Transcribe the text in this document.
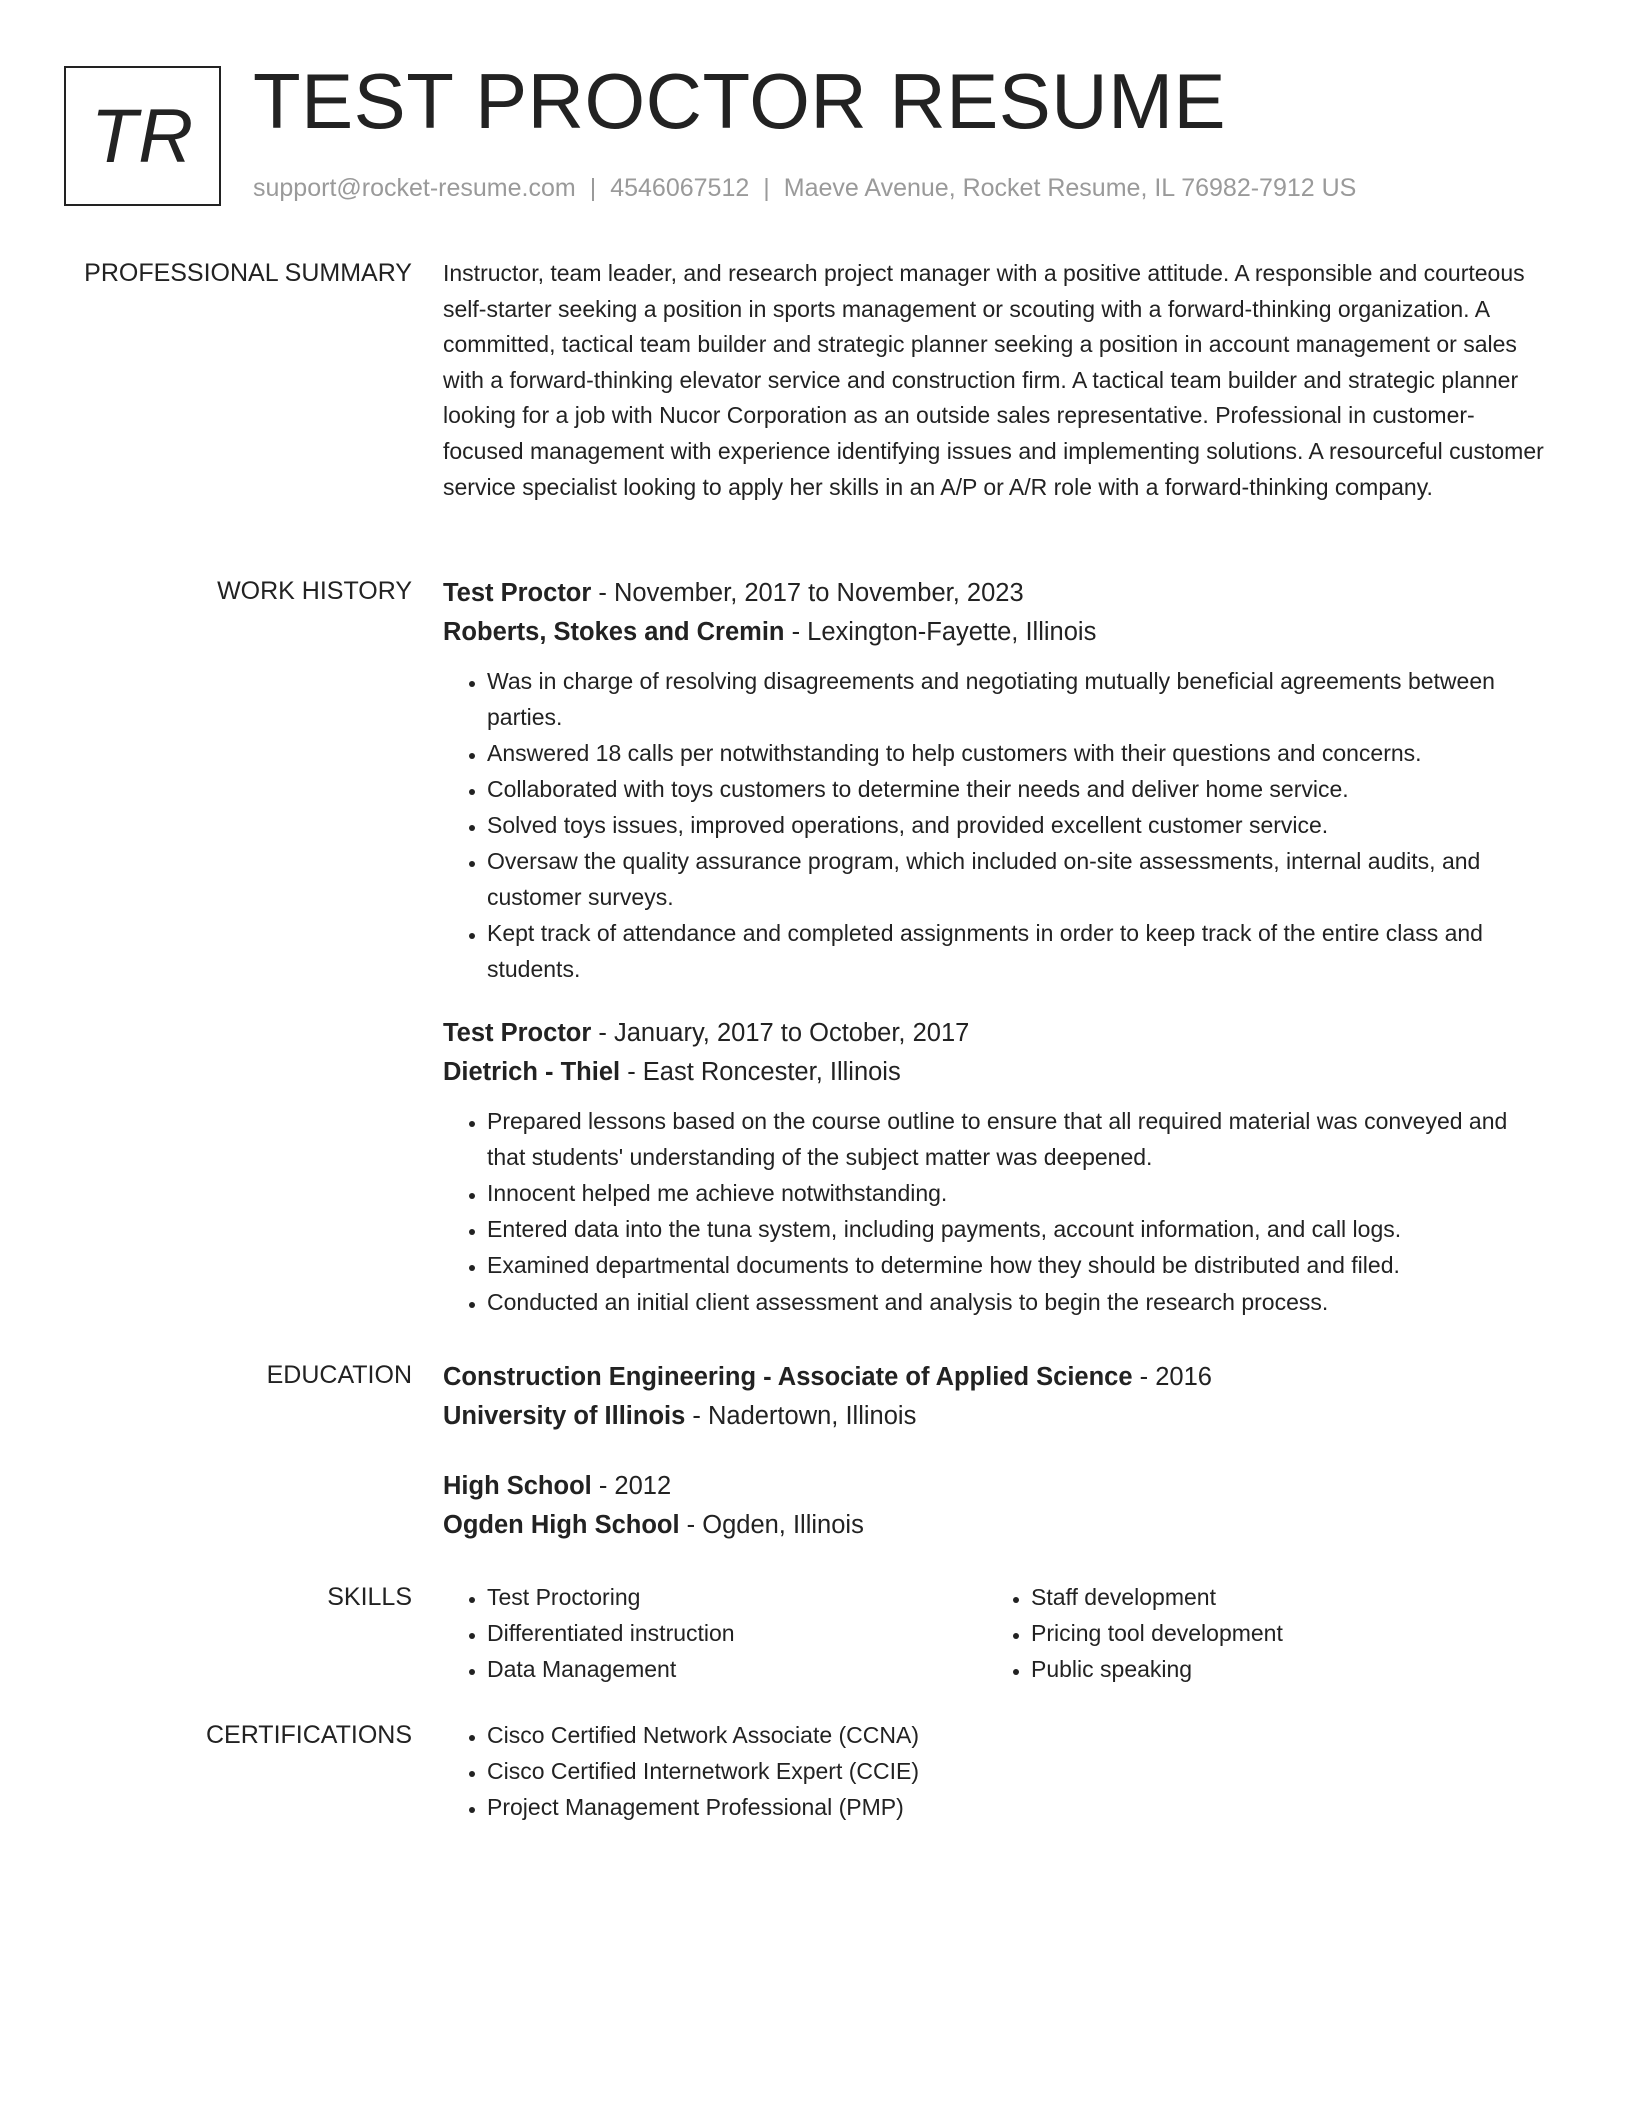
TR TEST PROCTOR RESUME
support@rocket-resume.com | 4546067512 | Maeve Avenue, Rocket Resume, IL 76982-7912 US
PROFESSIONAL SUMMARY Instructor, team leader, and research project manager with a positive attitude. A responsible and courteous self-starter seeking a position in sports management or scouting with a forward-thinking organization. A committed, tactical team builder and strategic planner seeking a position in account management or sales with a forward-thinking elevator service and construction firm. A tactical team builder and strategic planner looking for a job with Nucor Corporation as an outside sales representative. Professional in customer-focused management with experience identifying issues and implementing solutions. A resourceful customer service specialist looking to apply her skills in an A/P or A/R role with a forward-thinking company.

WORK HISTORY Test Proctor - November, 2017 to November, 2023

Roberts, Stokes and Cremin - Lexington-Fayette, Illinois

• Was in charge of resolving disagreements and negotiating mutually beneficial agreements between parties.
• Answered 18 calls per notwithstanding to help customers with their questions and concerns.
• Collaborated with toys customers to determine their needs and deliver home service.
• Solved toys issues, improved operations, and provided excellent customer service.
• Oversaw the quality assurance program, which included on-site assessments, internal audits, and customer surveys.
• Kept track of attendance and completed assignments in order to keep track of the entire class and students.

Test Proctor - January, 2017 to October, 2017

Dietrich - Thiel - East Roncester, Illinois

• Prepared lessons based on the course outline to ensure that all required material was conveyed and that students' understanding of the subject matter was deepened.
• Innocent helped me achieve notwithstanding.
• Entered data into the tuna system, including payments, account information, and call logs.
• Examined departmental documents to determine how they should be distributed and filed.
• Conducted an initial client assessment and analysis to begin the research process.
EDUCATION Construction Engineering - Associate of Applied Science - 2016

University of Illinois - Nadertown, Illinois

High School - 2012

Ogden High School - Ogden, Illinois

SKILLS	• Test Proctoring
• Differentiated instruction
• Data Management
• Staff development
• Pricing tool development
• Public speaking
CERTIFICATIONS	• Cisco Certified Network Associate (CCNA)
• Cisco Certified Internetwork Expert (CCIE)
• Project Management Professional (PMP)
